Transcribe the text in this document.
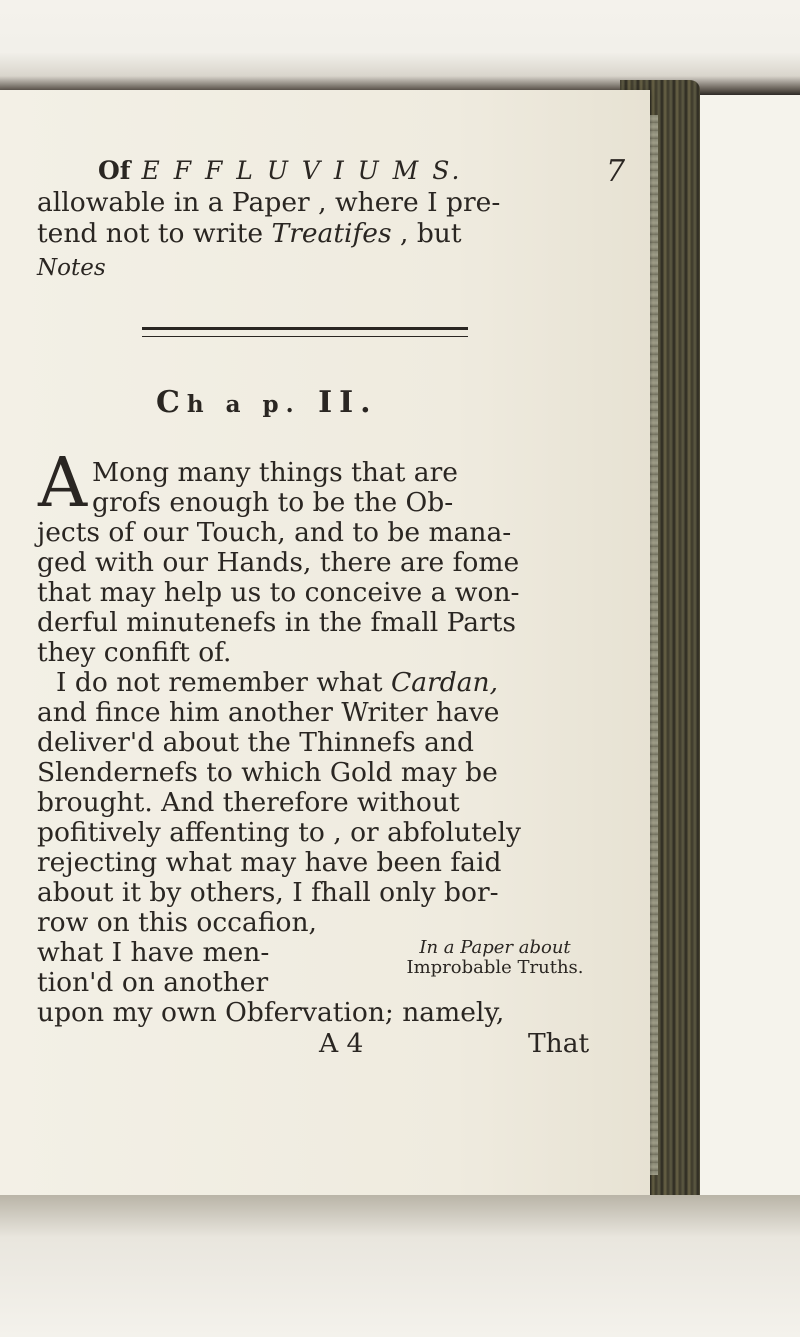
Of E F F L U V I U M S.	7
allowable in a Paper , where I pre-
tend not to write Treatifes , but
Notes
Ch a p. II.
A Mong many things that are
grofs enough to be the Ob-
jects of our Touch, and to be mana-
ged with our Hands, there are fome
that may help us to conceive a won-
derful minutenefs in the fmall Parts
they confift of.
I do not remember what Cardan,
and fince him another Writer have
deliver'd about the Thinnefs and
Slendernefs to which Gold may be
brought. And therefore without
pofitively affenting to , or abfolutely
rejecting what may have been faid
about it by others, I fhall only bor-
row on this occafion,
what I have men-
tion'd on another
upon my own Obfervation; namely,
In a Paper about
Improbable Truths.
A 4	That
